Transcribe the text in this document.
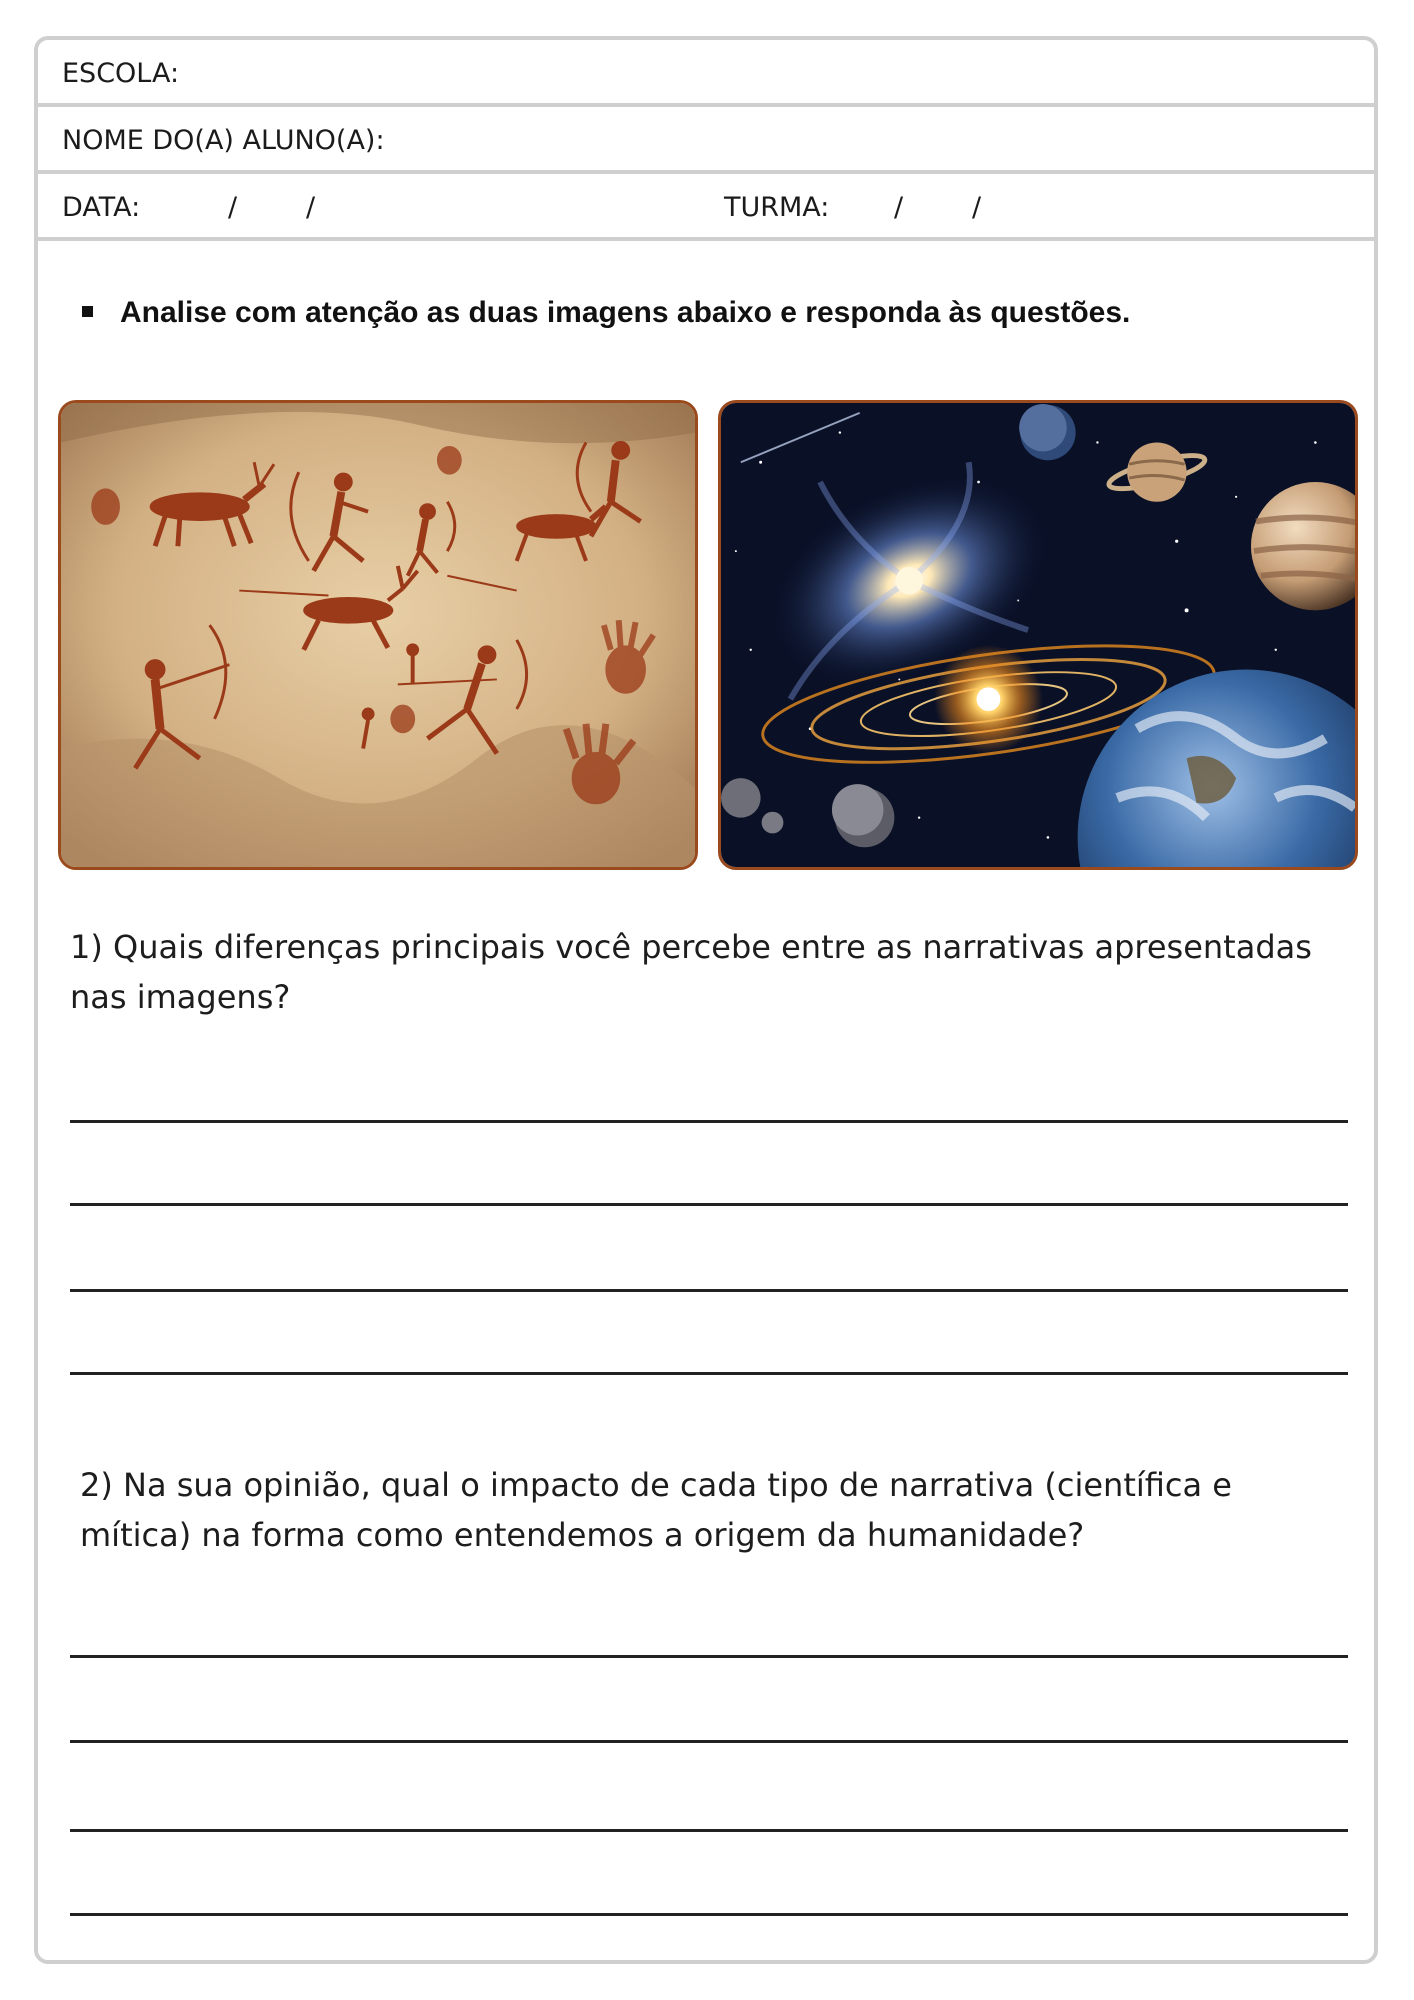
ESCOLA:
NOME DO(A) ALUNO(A):
DATA:	/	/	TURMA: /	/
Analise com atenção as duas imagens abaixo e responda às questões.
1) Quais diferenças principais você percebe entre as narrativas apresentadas nas imagens?
2) Na sua opinião, qual o impacto de cada tipo de narrativa (científica e mítica) na forma como entendemos a origem da humanidade?
